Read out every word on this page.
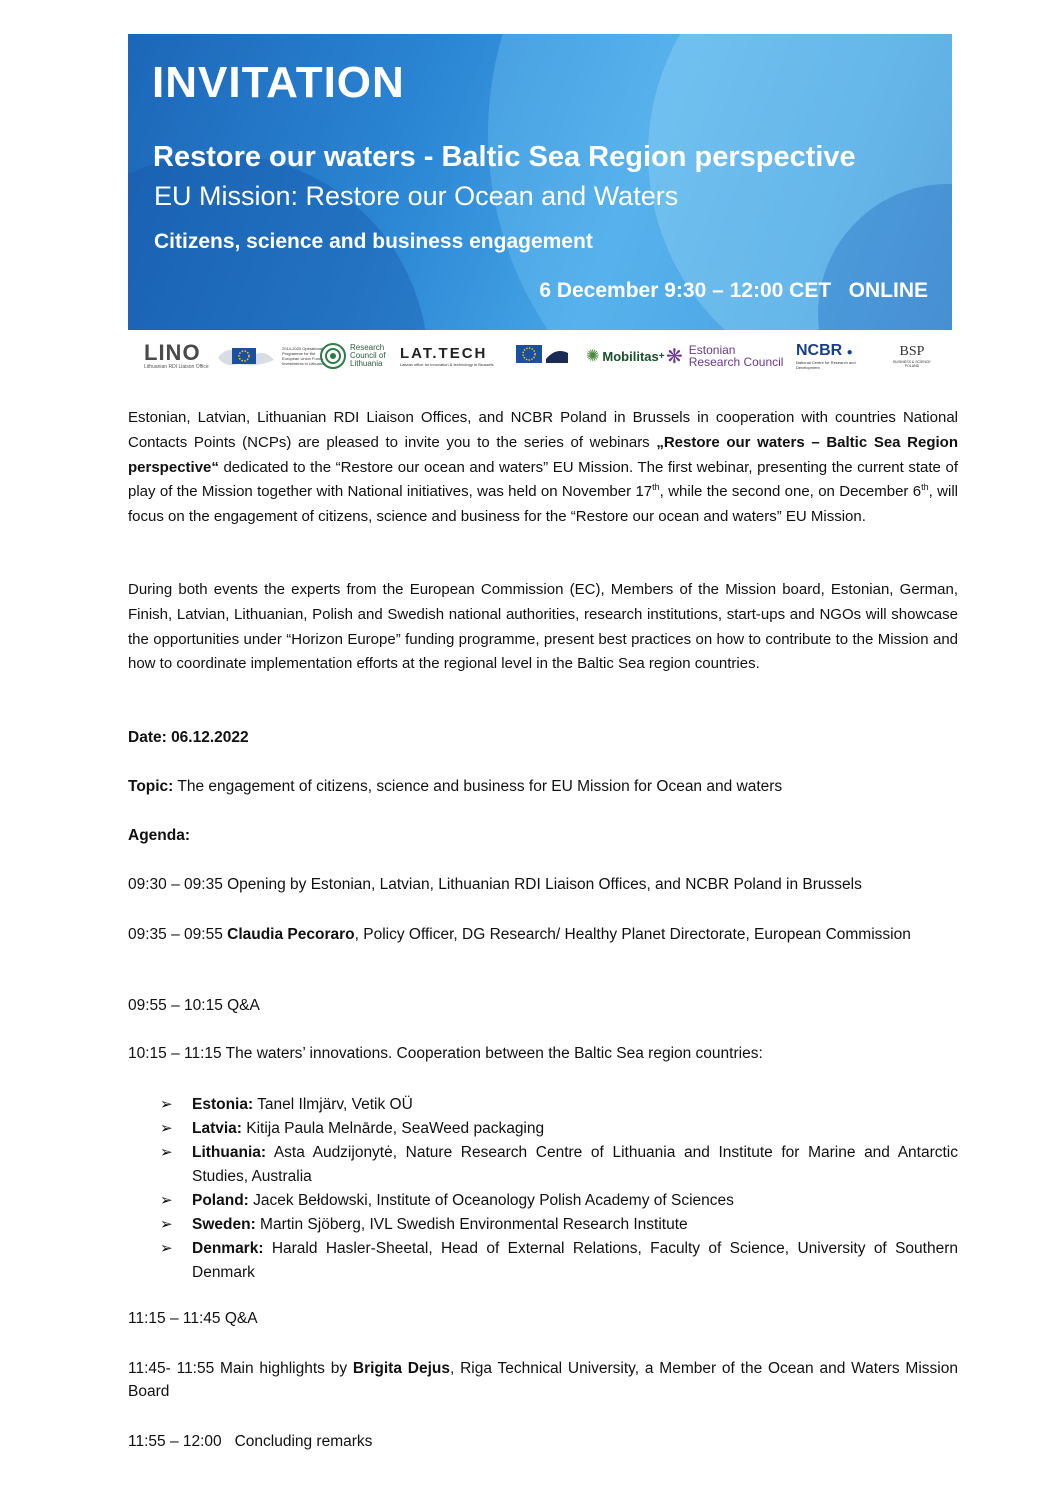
INVITATION
Restore our waters - Baltic Sea Region perspective
EU Mission: Restore our Ocean and Waters
Citizens, science and business engagement
6 December 9:30 – 12:00 CET   ONLINE
LINO
Lithuanian RDI Liaison Office
2014-2020 Operational Programme for the European Union Funds Investments in Lithuania
Research Council of Lithuania
LAT.TECH
Latvian office for innovation & technology in Brussels	✺ Mobilitas + ❋ Estonian
Research Council
NCBR ●
National Centre for Research and Development
BSP
BUSINESS & SCIENCE POLAND
Estonian, Latvian, Lithuanian RDI Liaison Offices, and NCBR Poland in Brussels in cooperation with countries National Contacts Points (NCPs) are pleased to invite you to the series of webinars „Restore our waters – Baltic Sea Region perspective“ dedicated to the “Restore our ocean and waters” EU Mission. The first webinar, presenting the current state of play of the Mission together with National initiatives, was held on November 17th, while the second one, on December 6th, will focus on the engagement of citizens, science and business for the “Restore our ocean and waters” EU Mission.
During both events the experts from the European Commission (EC), Members of the Mission board, Estonian, German, Finish, Latvian, Lithuanian, Polish and Swedish national authorities, research institutions, start-ups and NGOs will showcase the opportunities under “Horizon Europe” funding programme, present best practices on how to contribute to the Mission and how to coordinate implementation efforts at the regional level in the Baltic Sea region countries.
Date: 06.12.2022
Topic: The engagement of citizens, science and business for EU Mission for Ocean and waters
Agenda:
09:30 – 09:35 Opening by Estonian, Latvian, Lithuanian RDI Liaison Offices, and NCBR Poland in Brussels
09:35 – 09:55 Claudia Pecoraro, Policy Officer, DG Research/ Healthy Planet Directorate, European Commission
09:55 – 10:15 Q&A
10:15 – 11:15 The waters’ innovations. Cooperation between the Baltic Sea region countries:
➢ Estonia: Tanel Ilmjärv, Vetik OÜ
➢ Latvia: Kitija Paula Melnārde, SeaWeed packaging
➢ Lithuania: Asta Audzijonytė, Nature Research Centre of Lithuania and Institute for Marine and Antarctic Studies, Australia
➢ Poland: Jacek Bełdowski, Institute of Oceanology Polish Academy of Sciences
➢ Sweden: Martin Sjöberg, IVL Swedish Environmental Research Institute
➢ Denmark: Harald Hasler-Sheetal, Head of External Relations, Faculty of Science, University of Southern Denmark
11:15 – 11:45 Q&A
11:45- 11:55 Main highlights by Brigita Dejus, Riga Technical University, a Member of the Ocean and Waters Mission Board
11:55 – 12:00   Concluding remarks
